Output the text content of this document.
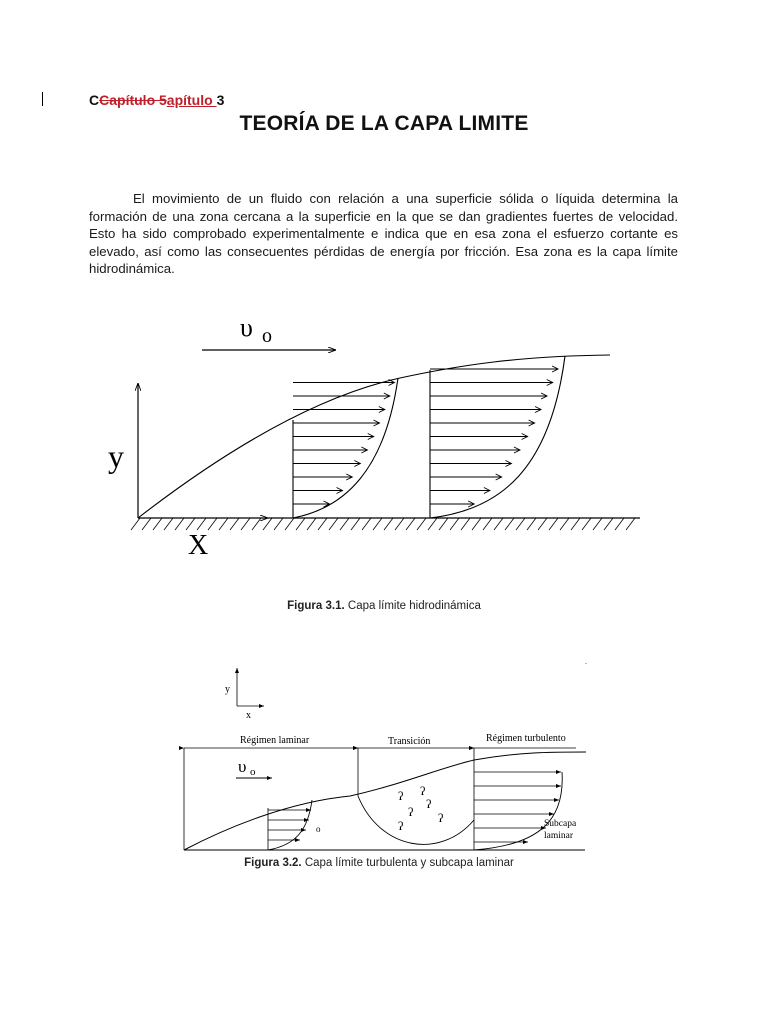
CCapítulo 5apítulo 3
TEORÍA DE LA CAPA LIMITE
El movimiento de un fluido con relación a una superficie sólida o líquida determina la formación de una zona cercana a la superficie en la que se dan gradientes fuertes de velocidad. Esto ha sido comprobado experimentalmente e indica que en esa zona el esfuerzo cortante es elevado, así como las consecuentes pérdidas de energía por fricción. Esa zona es la capa límite hidrodinámica.
υ o
y
X
Figura 3.1. Capa límite hidrodinámica
y
x
.
Régimen laminar	Transición	Régimen turbulento
υ o
o
ʔ ʔ
ʔ
ʔ ʔ
ʔ	Subcapa
laminar
Figura 3.2. Capa límite turbulenta y subcapa laminar
